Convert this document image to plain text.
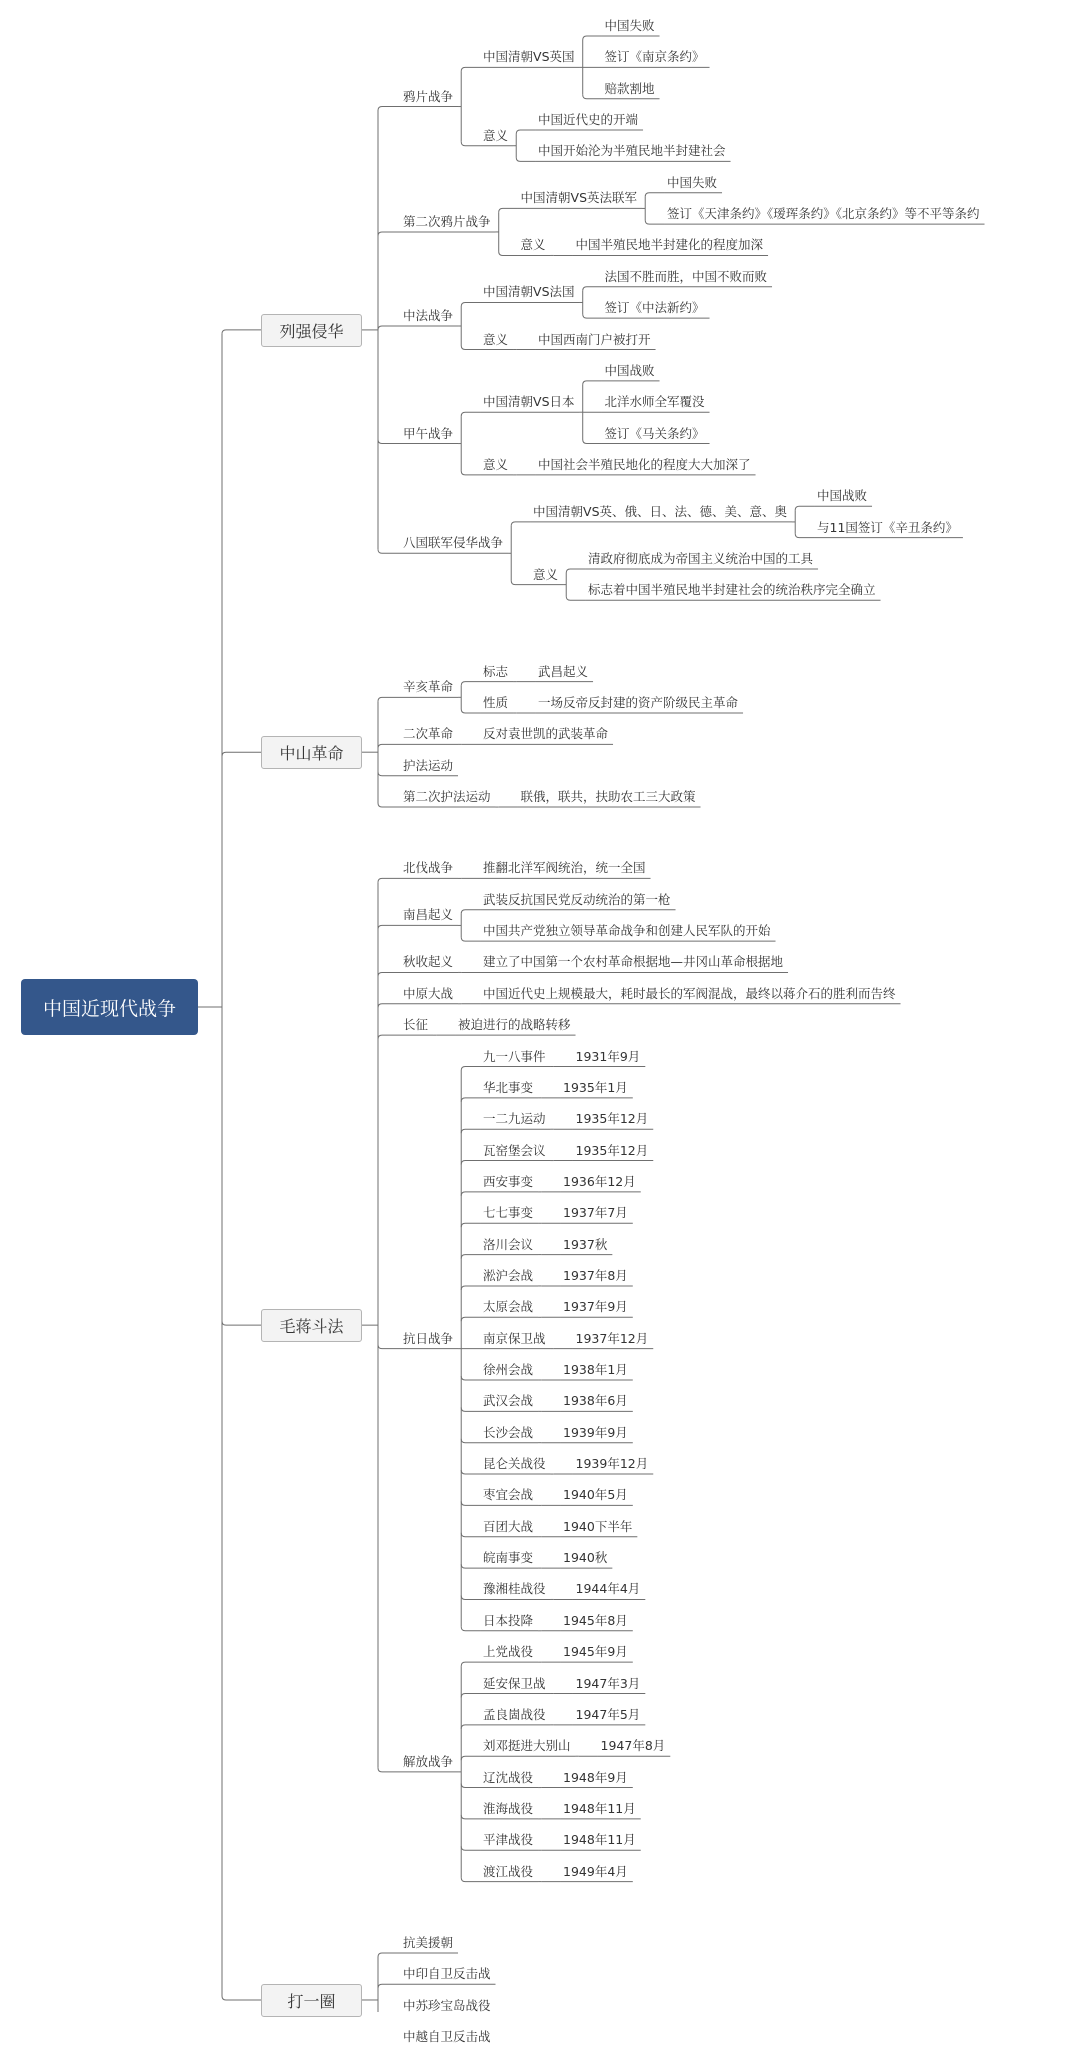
中国近现代战争
中国失败
签订《南京条约》
赔款割地
中国清朝VS英国
中国近代史的开端
中国开始沦为半殖民地半封建社会
意义
鸦片战争
中国失败
签订《天津条约》《瑷珲条约》《北京条约》等不平等条约
中国清朝VS英法联军
中国半殖民地半封建化的程度加深
意义
第二次鸦片战争
法国不胜而胜，中国不败而败
签订《中法新约》
中国清朝VS法国
中国西南门户被打开
意义
中法战争
中国战败
北洋水师全军覆没
签订《马关条约》
中国清朝VS日本
中国社会半殖民地化的程度大大加深了
意义
甲午战争
中国战败
与11国签订《辛丑条约》
中国清朝VS英、俄、日、法、德、美、意、奥
清政府彻底成为帝国主义统治中国的工具
标志着中国半殖民地半封建社会的统治秩序完全确立
意义
八国联军侵华战争
列强侵华
武昌起义
标志
一场反帝反封建的资产阶级民主革命
性质
辛亥革命
反对袁世凯的武装革命
二次革命
护法运动
联俄，联共，扶助农工三大政策
第二次护法运动
中山革命
推翻北洋军阀统治，统一全国
北伐战争
武装反抗国民党反动统治的第一枪
中国共产党独立领导革命战争和创建人民军队的开始
南昌起义
建立了中国第一个农村革命根据地—井冈山革命根据地
秋收起义
中国近代史上规模最大，耗时最长的军阀混战，最终以蒋介石的胜利而告终
中原大战
被迫进行的战略转移
长征
1931年9月
九一八事件
1935年1月
华北事变
1935年12月
一二九运动
1935年12月
瓦窑堡会议
1936年12月
西安事变
1937年7月
七七事变
1937秋
洛川会议
1937年8月
淞沪会战
1937年9月
太原会战
1937年12月
南京保卫战
1938年1月
徐州会战
1938年6月
武汉会战
1939年9月
长沙会战
1939年12月
昆仑关战役
1940年5月
枣宜会战
1940下半年
百团大战
1940秋
皖南事变
1944年4月
豫湘桂战役
1945年8月
日本投降
抗日战争
1945年9月
上党战役
1947年3月
延安保卫战
1947年5月
孟良崮战役
1947年8月
刘邓挺进大别山
1948年9月
辽沈战役
1948年11月
淮海战役
1948年11月
平津战役
1949年4月
渡江战役
解放战争
毛蒋斗法
抗美援朝
中印自卫反击战
中苏珍宝岛战役
中越自卫反击战
打一圈
